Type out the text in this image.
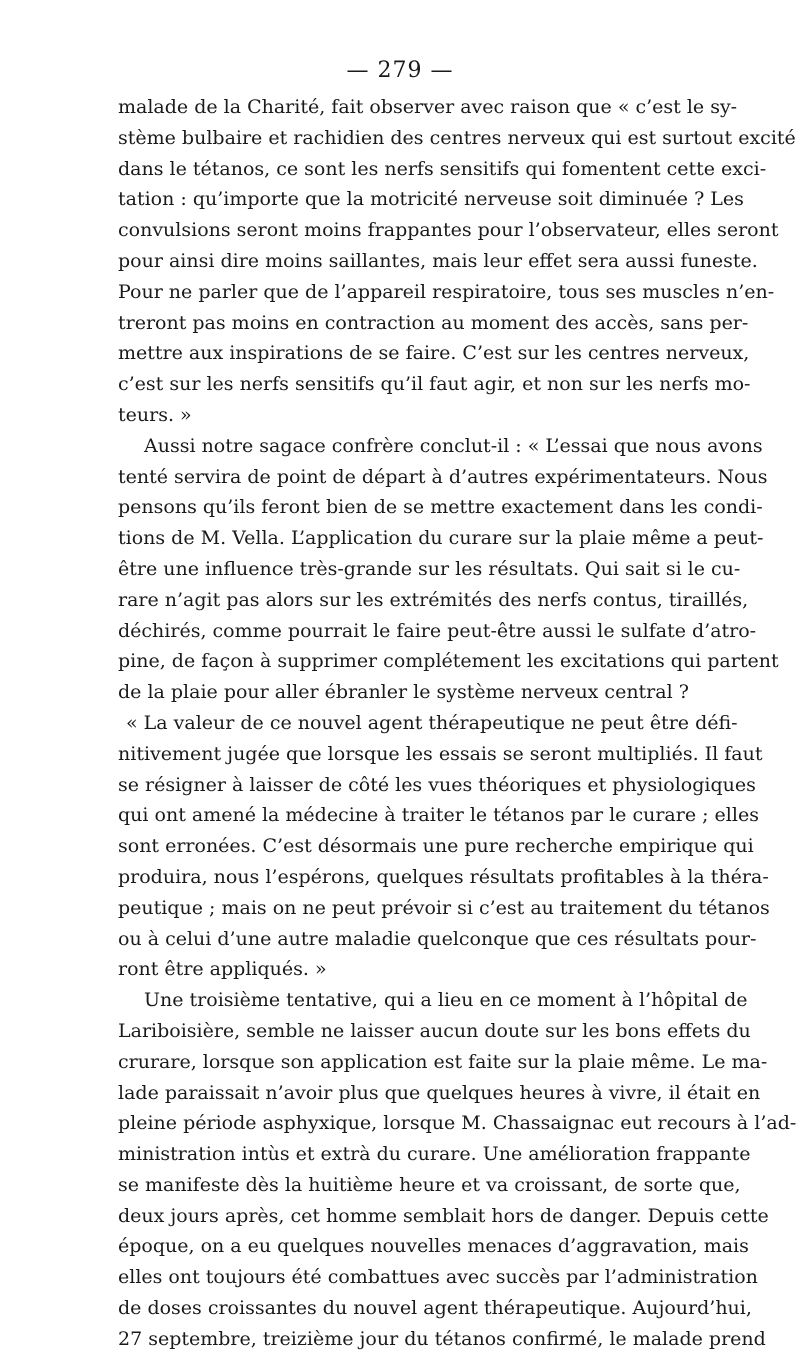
— 279 —
malade de la Charité, fait observer avec raison que « c’est le sy-
stème bulbaire et rachidien des centres nerveux qui est surtout excité
dans le tétanos, ce sont les nerfs sensitifs qui fomentent cette exci-
tation : qu’importe que la motricité nerveuse soit diminuée ? Les
convulsions seront moins frappantes pour l’observateur, elles seront
pour ainsi dire moins saillantes, mais leur effet sera aussi funeste.
Pour ne parler que de l’appareil respiratoire, tous ses muscles n’en-
treront pas moins en contraction au moment des accès, sans per-
mettre aux inspirations de se faire. C’est sur les centres nerveux,
c’est sur les nerfs sensitifs qu’il faut agir, et non sur les nerfs mo-
teurs. »
Aussi notre sagace confrère conclut-il : « L’essai que nous avons
tenté servira de point de départ à d’autres expérimentateurs. Nous
pensons qu’ils feront bien de se mettre exactement dans les condi-
tions de M. Vella. L’application du curare sur la plaie même a peut-
être une influence très-grande sur les résultats. Qui sait si le cu-
rare n’agit pas alors sur les extrémités des nerfs contus, tiraillés,
déchirés, comme pourrait le faire peut-être aussi le sulfate d’atro-
pine, de façon à supprimer complétement les excitations qui partent
de la plaie pour aller ébranler le système nerveux central ?
« La valeur de ce nouvel agent thérapeutique ne peut être défi-
nitivement jugée que lorsque les essais se seront multipliés. Il faut
se résigner à laisser de côté les vues théoriques et physiologiques
qui ont amené la médecine à traiter le tétanos par le curare ; elles
sont erronées. C’est désormais une pure recherche empirique qui
produira, nous l’espérons, quelques résultats profitables à la théra-
peutique ; mais on ne peut prévoir si c’est au traitement du tétanos
ou à celui d’une autre maladie quelconque que ces résultats pour-
ront être appliqués. »
Une troisième tentative, qui a lieu en ce moment à l’hôpital de
Lariboisière, semble ne laisser aucun doute sur les bons effets du
crurare, lorsque son application est faite sur la plaie même. Le ma-
lade paraissait n’avoir plus que quelques heures à vivre, il était en
pleine période asphyxique, lorsque M. Chassaignac eut recours à l’ad-
ministration intùs et extrà du curare. Une amélioration frappante
se manifeste dès la huitième heure et va croissant, de sorte que,
deux jours après, cet homme semblait hors de danger. Depuis cette
époque, on a eu quelques nouvelles menaces d’aggravation, mais
elles ont toujours été combattues avec succès par l’administration
de doses croissantes du nouvel agent thérapeutique. Aujourd’hui,
27 septembre, treizième jour du tétanos confirmé, le malade prend
